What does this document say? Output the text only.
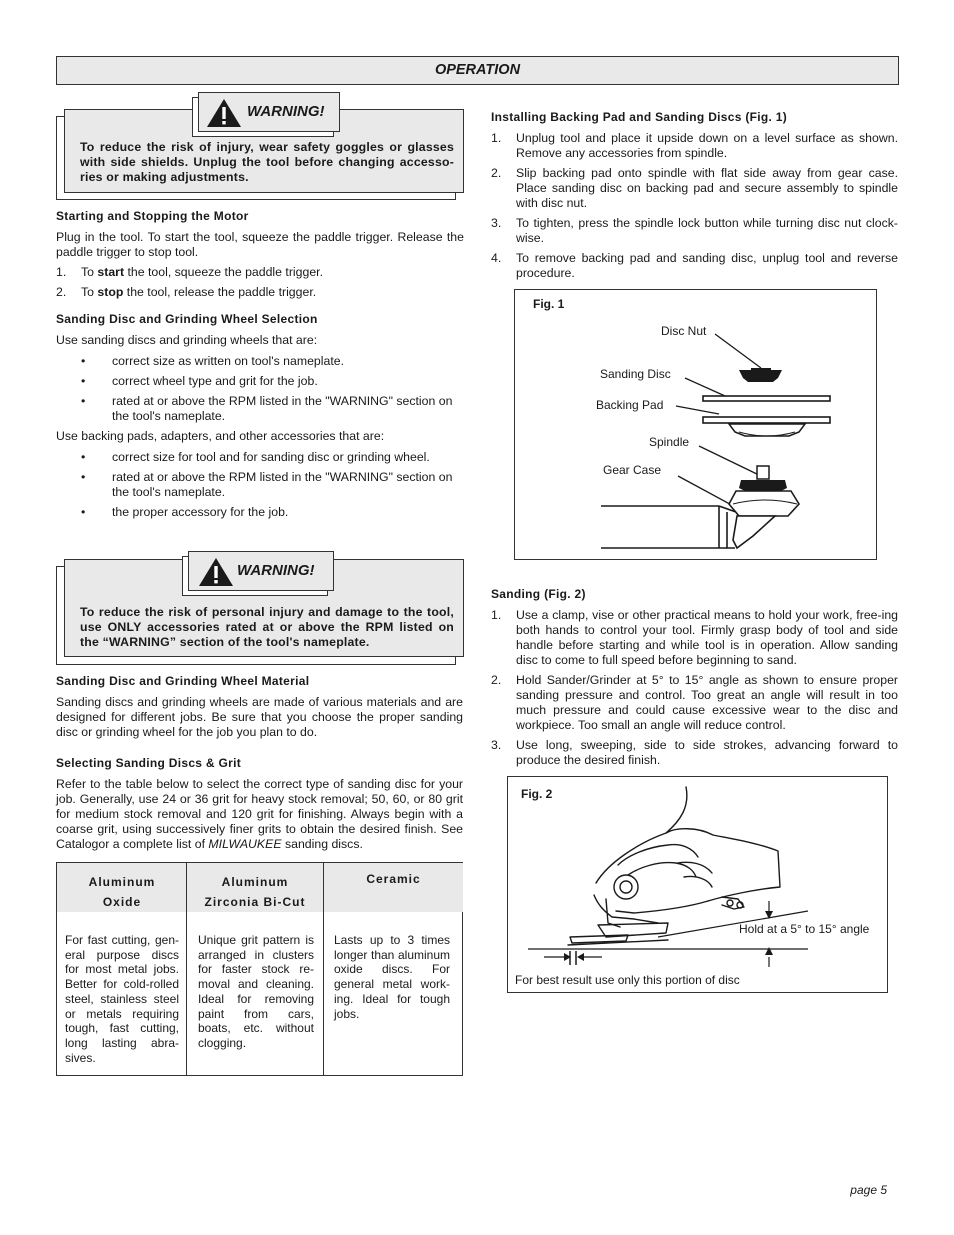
OPERATION
To reduce the risk of injury, wear safety goggles or glasses with side shields. Unplug the tool before changing accesso-ries or making adjustments.
WARNING!
Starting and Stopping the Motor

Plug in the tool. To start the tool, squeeze the paddle trigger. Release the paddle trigger to stop tool.

1. To start the tool, squeeze the paddle trigger.
2. To stop the tool, release the paddle trigger.
Sanding Disc and Grinding Wheel Selection

Use sanding discs and grinding wheels that are:

• correct size as written on tool's nameplate.
• correct wheel type and grit for the job.
• rated at or above the RPM listed in the "WARNING" section on the tool's nameplate.

Use backing pads, adapters, and other accessories that are:

• correct size for tool and for sanding disc or grinding wheel.
• rated at or above the RPM listed in the "WARNING" section on the tool's nameplate.
• the proper accessory for the job.
To reduce the risk of personal injury and damage to the tool, use ONLY accessories rated at or above the RPM listed on the “WARNING” section of the tool's nameplate.
WARNING!
Sanding Disc and Grinding Wheel Material

Sanding discs and grinding wheels are made of various materials and are designed for different jobs. Be sure that you choose the proper sanding disc or grinding wheel for the job you plan to do.

Selecting Sanding Discs & Grit

Refer to the table below to select the correct type of sanding disc for your job. Generally, use 24 or 36 grit for heavy stock removal; 50, 60, or 80 grit for medium stock removal and 120 grit for finishing. Always begin with a coarse grit, using successively finer grits to obtain the desired finish. See Catalogor a complete list of MILWAUKEE sanding discs.

Aluminum
Oxide
For fast cutting, gen-eral purpose discs for most metal jobs. Better for cold-rolled steel, stainless steel or metals requiring tough, fast cutting, long lasting abra-sives.
Aluminum
Zirconia Bi-Cut
Unique grit pattern is arranged in clusters for faster stock re-moval and cleaning. Ideal for removing paint from cars, boats, etc. without clogging.
Ceramic
Lasts up to 3 times longer than aluminum oxide discs. For general metal work-ing. Ideal for tough jobs.
Installing Backing Pad and Sanding Discs (Fig. 1)
1. Unplug tool and place it upside down on a level surface as shown. Remove any accessories from spindle.
2. Slip backing pad onto spindle with flat side away from gear case. Place sanding disc on backing pad and secure assembly to spindle with disc nut.
3. To tighten, press the spindle lock button while turning disc nut clock-wise.
4. To remove backing pad and sanding disc, unplug tool and reverse procedure.
Fig. 1
Disc Nut
Sanding Disc
Backing Pad
Spindle
Gear Case
Sanding (Fig. 2)
1. Use a clamp, vise or other practical means to hold your work, free-ing both hands to control your tool. Firmly grasp body of tool and side handle before starting and while tool is in operation. Allow sanding disc to come to full speed before beginning to sand.
2. Hold Sander/Grinder at 5° to 15° angle as shown to ensure proper sanding pressure and control. Too great an angle will result in too much pressure and could cause excessive wear to the disc and workpiece. Too small an angle will reduce control.
3. Use long, sweeping, side to side strokes, advancing forward to produce the desired finish.
Fig. 2
Hold at a 5° to 15° angle
For best result use only this portion of disc
page 5
